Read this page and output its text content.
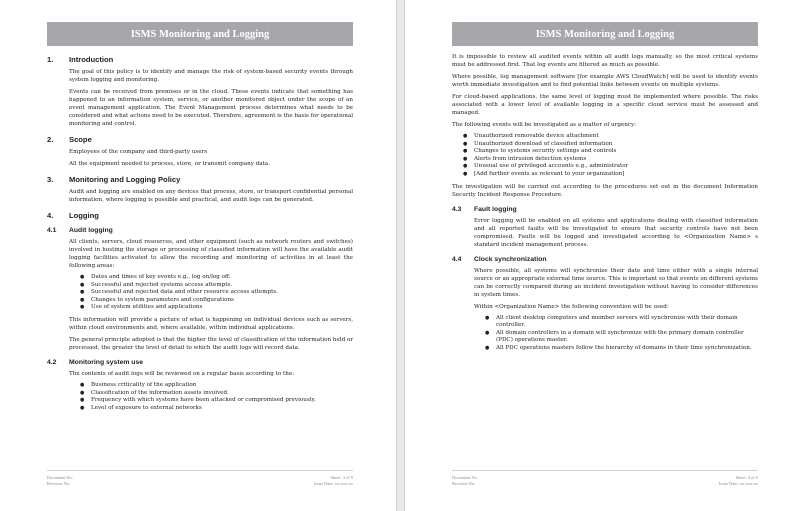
ISMS Monitoring and Logging
1.	Introduction

The goal of this policy is to identify and manage the risk of system-based security events through system logging and monitoring.

Events can be received from premises or in the cloud. These events indicate that something has happened to an information system, service, or another monitored object under the scope of an event management application. The Event Management process determines what needs to be considered and what actions need to be executed. Therefore, agreement is the basis for operational monitoring and control.

2.	Scope

Employees of the company and third-party users

All the equipment needed to process, store, or transmit company data.

3.	Monitoring and Logging Policy

Audit and logging are enabled on any devices that process, store, or transport confidential personal information, where logging is possible and practical, and audit logs can be generated.

4.	Logging
4.1	Audit logging

All clients, servers, cloud resources, and other equipment (such as network routers and switches) involved in hosting the storage or processing of classified information will have the available audit logging facilities activated to allow the recording and monitoring of activities in at least the following areas:

● Dates and times of key events e.g., log on/log off.
● Successful and rejected systems access attempts.
● Successful and rejected data and other resource access attempts.
● Changes to system parameters and configurations
● Use of system utilities and applications

This information will provide a picture of what is happening on individual devices such as servers, within cloud environments and, where available, within individual applications.

The general principle adopted is that the higher the level of classification of the information held or processed, the greater the level of detail to which the audit logs will record data.

4.2	Monitoring system use

The contents of audit logs will be reviewed on a regular basis according to the:

● Business criticality of the application
● Classification of the information assets involved.
● Frequency with which systems have been attacked or compromised previously.
● Level of exposure to external networks
Document No:	Sheet: 3 of 9
Revision No:	Issue Date: xx-xxx-xx
ISMS Monitoring and Logging

It is impossible to review all audited events within all audit logs manually, so the most critical systems must be addressed first. That log events are filtered as much as possible.

Where possible, log management software [for example AWS CloudWatch] will be used to identify events worth immediate investigation and to find potential links between events on multiple systems.

For cloud-based applications, the same level of logging must be implemented where possible. The risks associated with a lower level of available logging in a specific cloud service must be assessed and managed.

The following events will be investigated as a matter of urgency:

● Unauthorized removable device attachment
● Unauthorized download of classified information
● Changes to systems security settings and controls
● Alerts from intrusion detection systems
● Unusual use of privileged accounts e.g., administrator
● [Add further events as relevant to your organization]

The investigation will be carried out according to the procedures set out in the document Information Security Incident Response Procedure.

4.3	Fault logging

Error logging will be enabled on all systems and applications dealing with classified information and all reported faults will be investigated to ensure that security controls have not been compromised. Faults will be logged and investigated according to <Organization Name> s standard incident management process.

4.4	Clock synchronization

Where possible, all systems will synchronize their date and time either with a single internal source or an appropriate external time source. This is important so that events on different systems can be correctly compared during an incident investigation without having to consider differences in system times.

Within <Organization Name> the following convention will be used:

● All client desktop computers and member servers will synchronize with their domain controller.
● All domain controllers in a domain will synchronize with the primary domain controller (PDC) operations master.
● All PDC operations masters follow the hierarchy of domains in their time synchronization.
Document No:	Sheet: 4 of 9
Revision No:	Issue Date: xx-xxx-xx
